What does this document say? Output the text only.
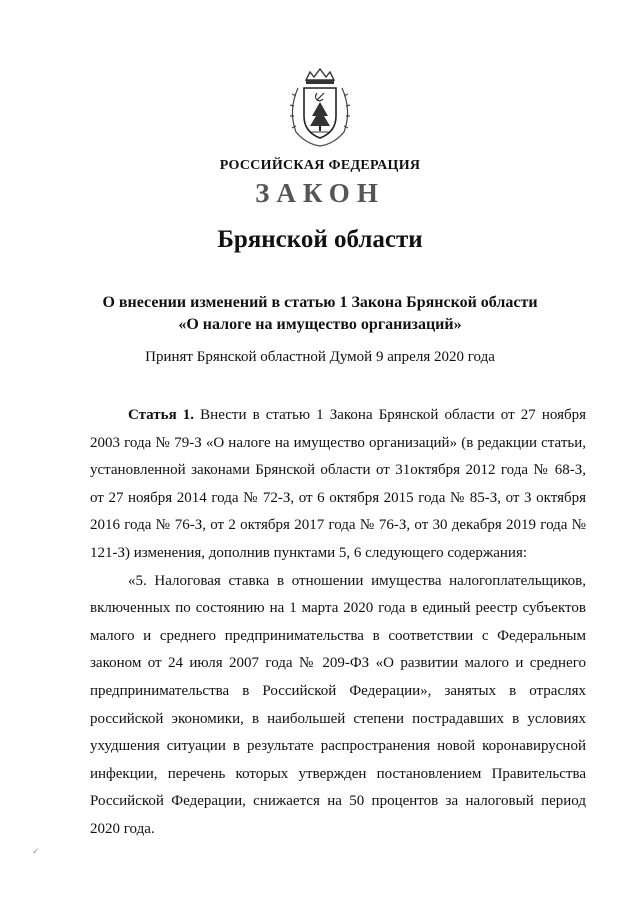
РОССИЙСКАЯ ФЕДЕРАЦИЯ
ЗАКОН
Брянской области
О внесении изменений в статью 1 Закона Брянской области
«О налоге на имущество организаций»
Принят Брянской областной Думой 9 апреля 2020 года

Статья 1. Внести в статью 1 Закона Брянской области от 27 ноября 2003 года № 79-З «О налоге на имущество организаций» (в редакции статьи, установленной законами Брянской области от 31октября 2012 года № 68-З, от 27 ноября 2014 года № 72-З, от 6 октября 2015 года № 85-З, от 3 октября 2016 года № 76-З, от 2 октября 2017 года № 76-З, от 30 декабря 2019 года № 121-З) изменения, дополнив пунктами 5, 6 следующего содержания:

«5. Налоговая ставка в отношении имущества налогоплательщиков, включенных по состоянию на 1 марта 2020 года в единый реестр субъектов малого и среднего предпринимательства в соответствии с Федеральным законом от 24 июля 2007 года № 209-ФЗ «О развитии малого и среднего предпринимательства в Российской Федерации», занятых в отраслях российской экономики, в наибольшей степени пострадавших в условиях ухудшения ситуации в результате распространения новой коронавирусной инфекции, перечень которых утвержден постановлением Правительства Российской Федерации, снижается на 50 процентов за налоговый период 2020 года.

✓
